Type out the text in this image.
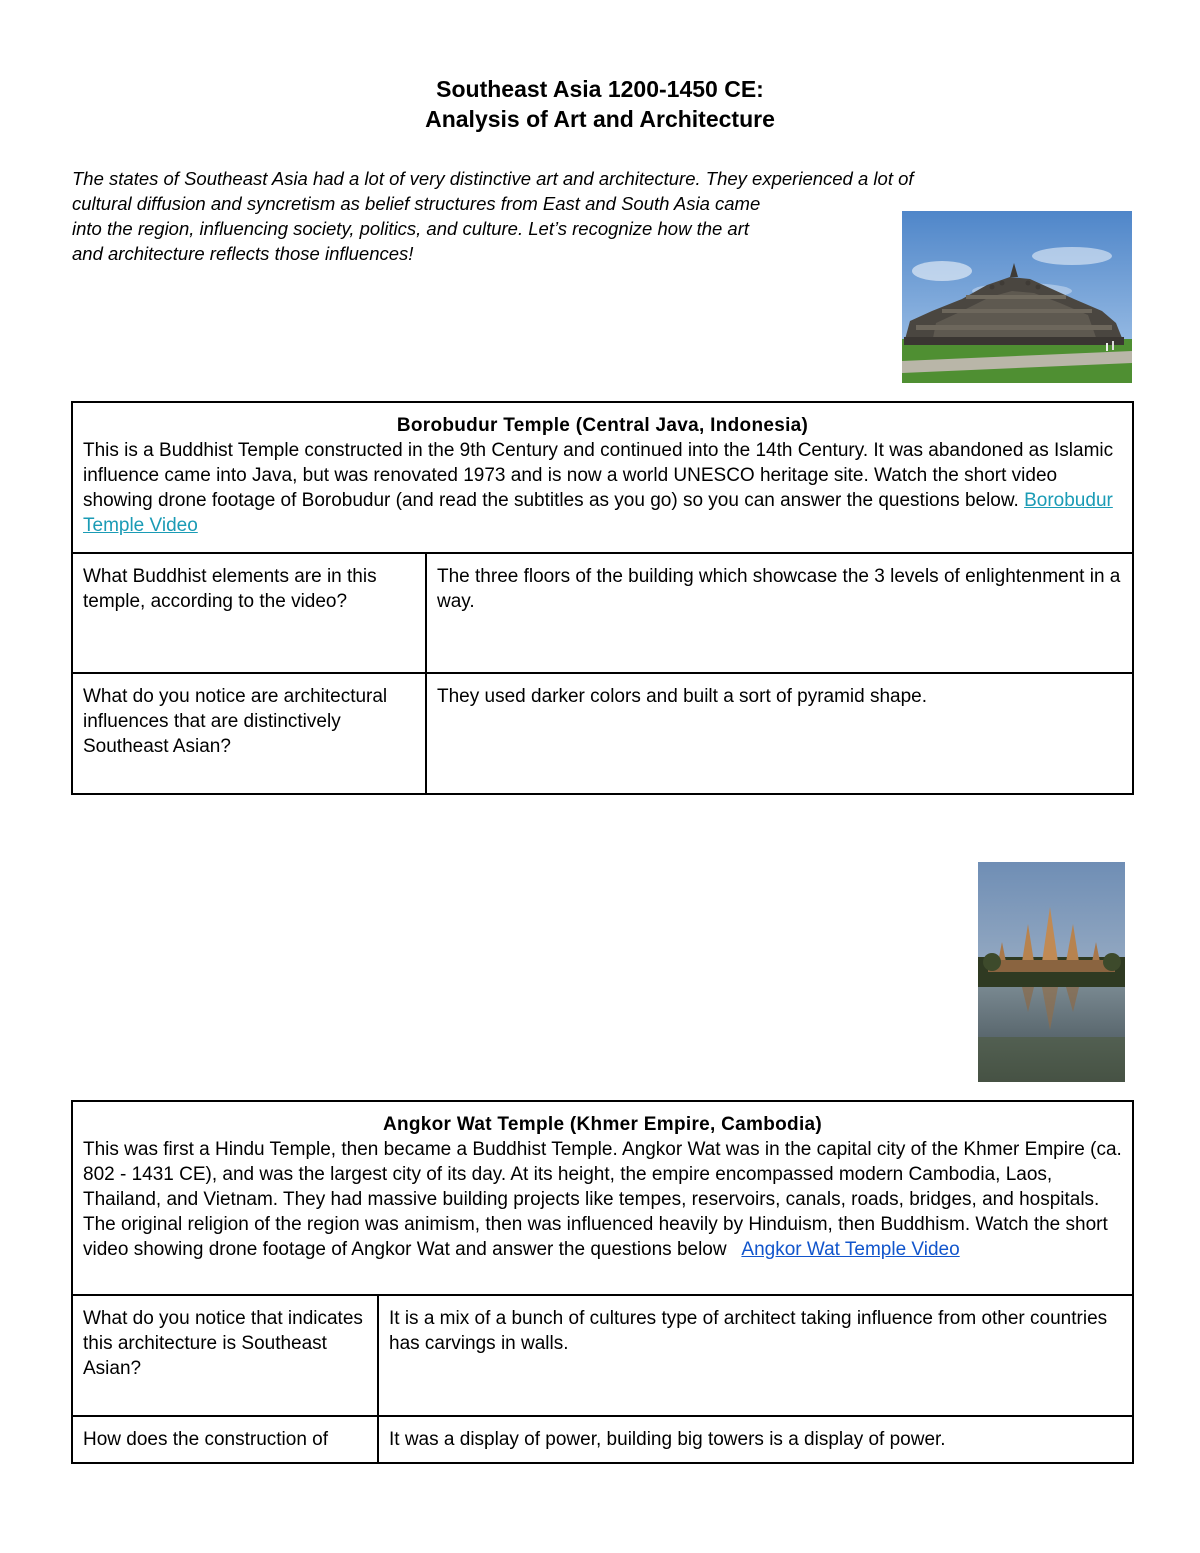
Southeast Asia 1200-1450 CE:
Analysis of Art and Architecture
The states of Southeast Asia had a lot of very distinctive art and architecture. They experienced a lot of
cultural diffusion and syncretism as belief structures from East and South Asia came
into the region, influencing society, politics, and culture. Let’s recognize how the art
and architecture reflects those influences!
Borobudur Temple (Central Java, Indonesia)
This is a Buddhist Temple constructed in the 9th Century and continued into the 14th Century. It was abandoned as Islamic influence came into Java, but was renovated 1973 and is now a world UNESCO heritage site. Watch the short video showing drone footage of Borobudur (and read the subtitles as you go) so you can answer the questions below. Borobudur Temple Video	
What Buddhist elements are in this temple, according to the video?	The three floors of the building which showcase the 3 levels of enlightenment in a way.
What do you notice are architectural influences that are distinctively Southeast Asian?	They used darker colors and built a sort of pyramid shape.
Angkor Wat Temple (Khmer Empire, Cambodia)
This was first a Hindu Temple, then became a Buddhist Temple. Angkor Wat was in the capital city of the Khmer Empire (ca. 802 - 1431 CE), and was the largest city of its day. At its height, the empire encompassed modern Cambodia, Laos, Thailand, and Vietnam. They had massive building projects like tempes, reservoirs, canals, roads, bridges, and hospitals. The original religion of the region was animism, then was influenced heavily by Hinduism, then Buddhism. Watch the short video showing drone footage of Angkor Wat and answer the questions below Angkor Wat Temple Video	
What do you notice that indicates this architecture is Southeast Asian?	It is a mix of a bunch of cultures type of architect taking influence from other countries has carvings in walls.
How does the construction of	It was a display of power, building big towers is a display of power.
